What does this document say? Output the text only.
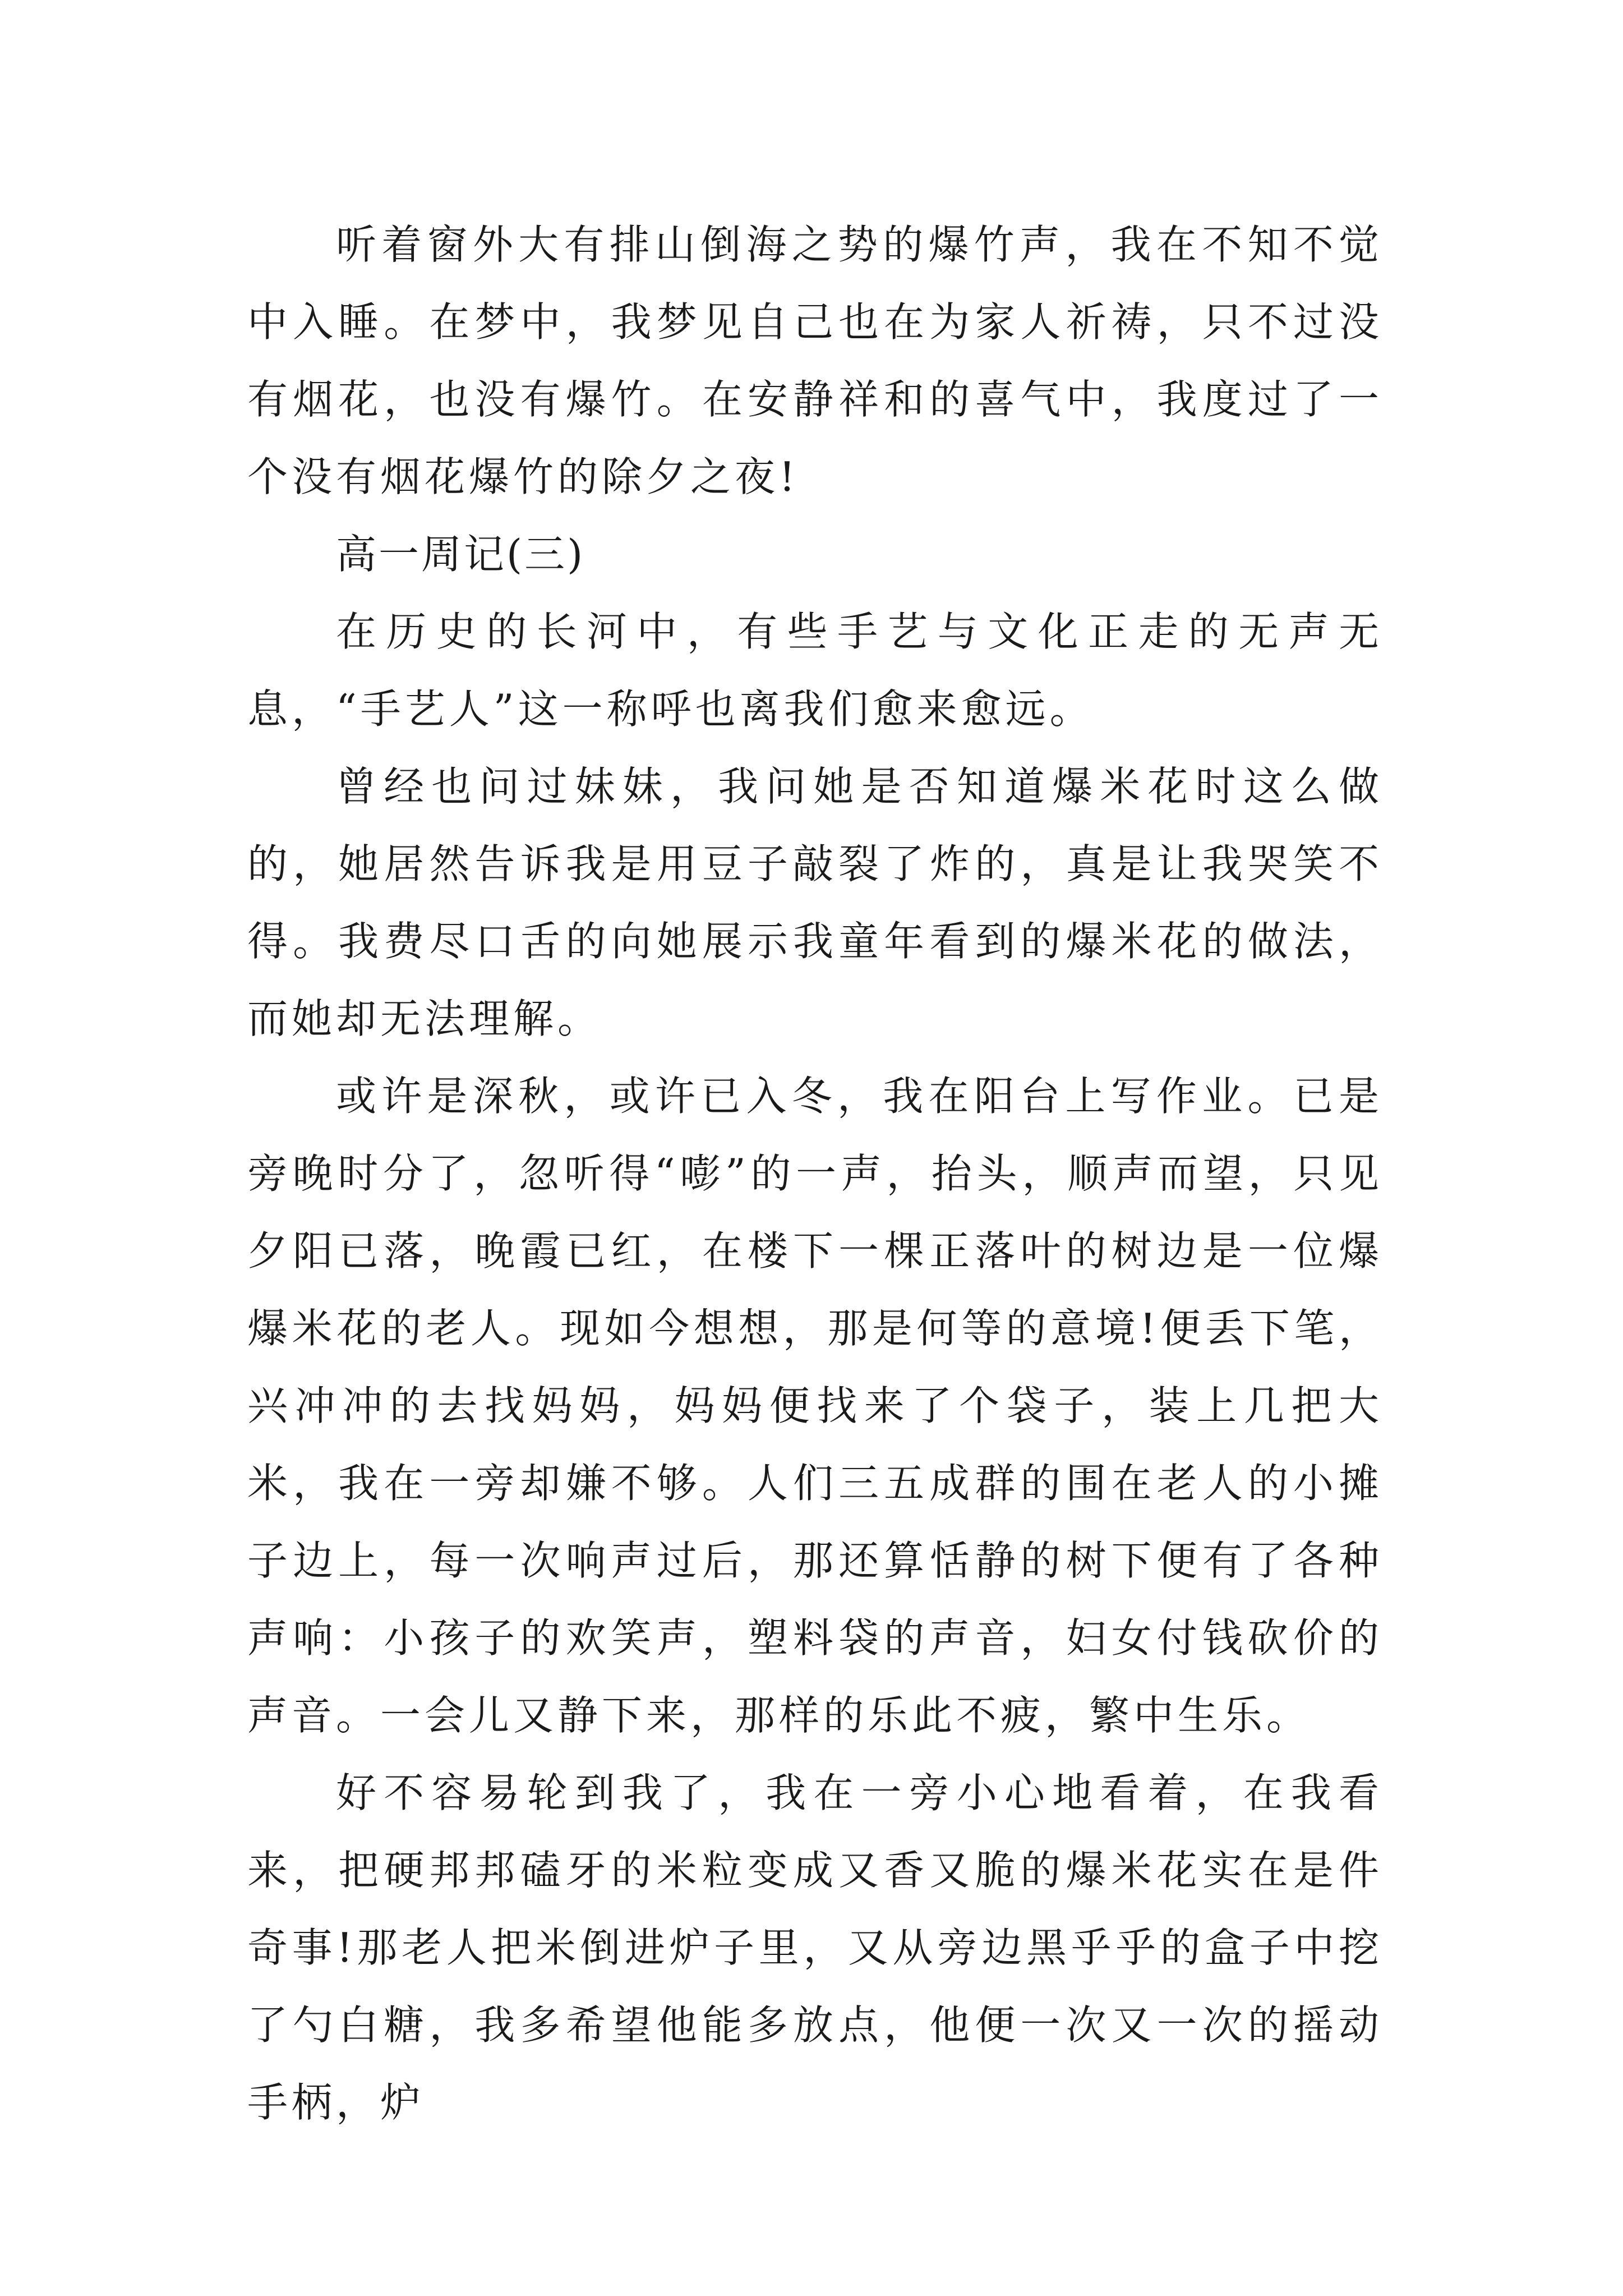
听着窗外大有排山倒海之势的爆竹声，我在不知不觉中入睡。在梦中，我梦见自己也在为家人祈祷，只不过没有烟花，也没有爆竹。在安静祥和的喜气中，我度过了一个没有烟花爆竹的除夕之夜!

高一周记(三)

在历史的长河中，有些手艺与文化正走的无声无息，“手艺人”这一称呼也离我们愈来愈远。

曾经也问过妹妹，我问她是否知道爆米花时这么做的，她居然告诉我是用豆子敲裂了炸的，真是让我哭笑不得。我费尽口舌的向她展示我童年看到的爆米花的做法，而她却无法理解。

或许是深秋，或许已入冬，我在阳台上写作业。已是旁晚时分了，忽听得“嘭”的一声，抬头，顺声而望，只见夕阳已落，晚霞已红，在楼下一棵正落叶的树边是一位爆爆米花的老人。现如今想想，那是何等的意境!便丢下笔，兴冲冲的去找妈妈，妈妈便找来了个袋子，装上几把大米，我在一旁却嫌不够。人们三五成群的围在老人的小摊子边上，每一次响声过后，那还算恬静的树下便有了各种声响：小孩子的欢笑声，塑料袋的声音，妇女付钱砍价的声音。一会儿又静下来，那样的乐此不疲，繁中生乐。

好不容易轮到我了，我在一旁小心地看着，在我看来，把硬邦邦磕牙的米粒变成又香又脆的爆米花实在是件奇事!那老人把米倒进炉子里，又从旁边黑乎乎的盒子中挖了勺白糖，我多希望他能多放点，他便一次又一次的摇动手柄，炉
